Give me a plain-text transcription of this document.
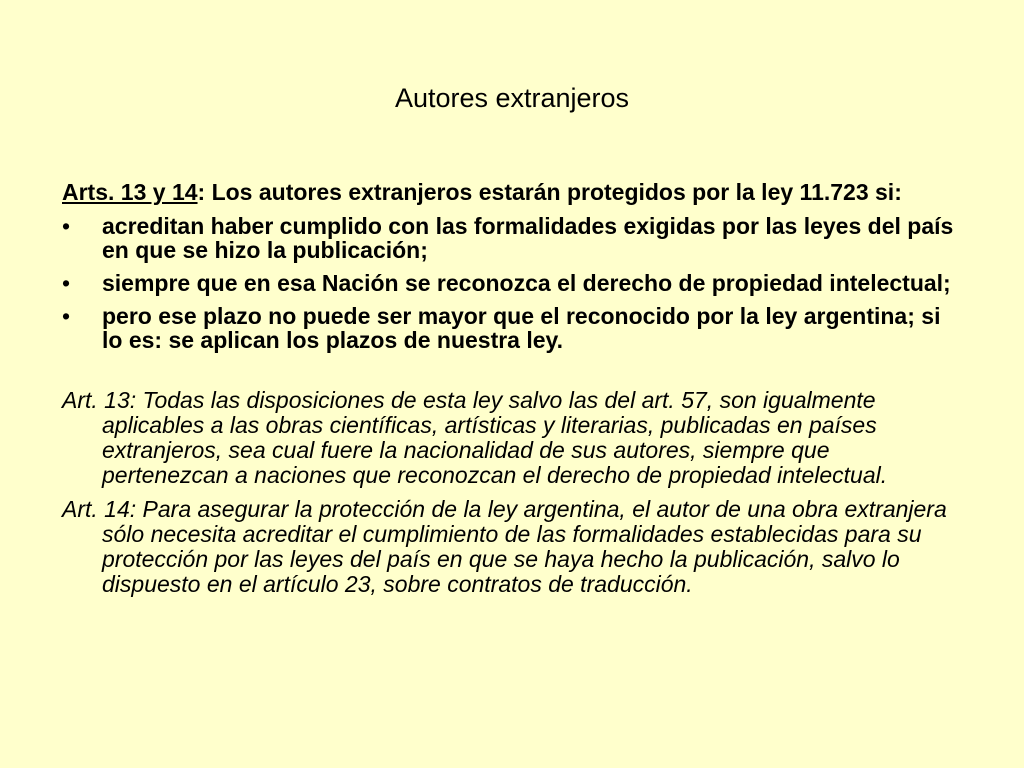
Autores extranjeros

Arts. 13 y 14: Los autores extranjeros estarán protegidos por la ley 11.723 si:

• acreditan haber cumplido con las formalidades exigidas por las leyes del país en que se hizo la publicación;
• siempre que en esa Nación se reconozca el derecho de propiedad intelectual;
• pero ese plazo no puede ser mayor que el reconocido por la ley argentina; si lo es: se aplican los plazos de nuestra ley.

Art. 13: Todas las disposiciones de esta ley salvo las del art. 57, son igualmente aplicables a las obras científicas, artísticas y literarias, publicadas en países extranjeros, sea cual fuere la nacionalidad de sus autores, siempre que pertenezcan a naciones que reconozcan el derecho de propiedad intelectual.

Art. 14: Para asegurar la protección de la ley argentina, el autor de una obra extranjera sólo necesita acreditar el cumplimiento de las formalidades establecidas para su protección por las leyes del país en que se haya hecho la publicación, salvo lo dispuesto en el artículo 23, sobre contratos de traducción.
